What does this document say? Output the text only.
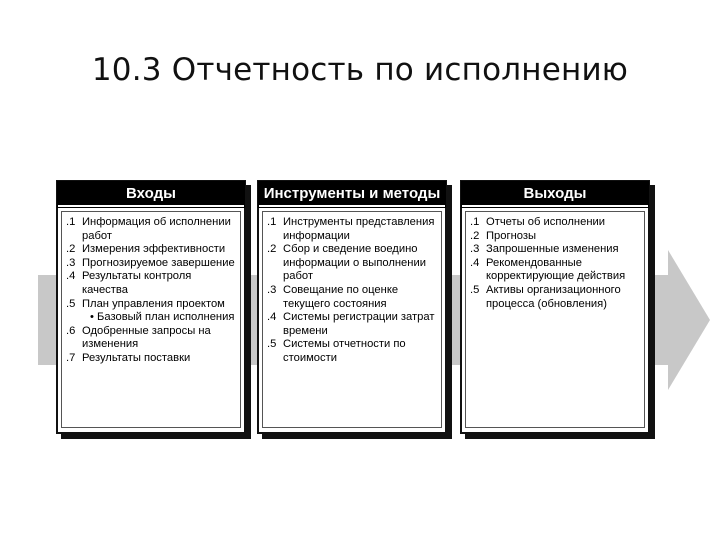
10.3 Отчетность по исполнению
Входы
.1 Информация об исполнении работ
.2 Измерения эффективности
.3 Прогнозируемое завершение
.4 Результаты контроля качества
.5 План управления проектом
• Базовый план исполнения
.6 Одобренные запросы на изменения
.7 Результаты поставки
Инструменты и методы
.1 Инструменты представления информации
.2 Сбор и сведение воедино информации о выполнении работ
.3 Совещание по оценке текущего состояния
.4 Системы регистрации затрат времени
.5 Системы отчетности по стоимости
Выходы
.1 Отчеты об исполнении
.2 Прогнозы
.3 Запрошенные изменения
.4 Рекомендованные корректирующие действия
.5 Активы организационного процесса (обновления)
